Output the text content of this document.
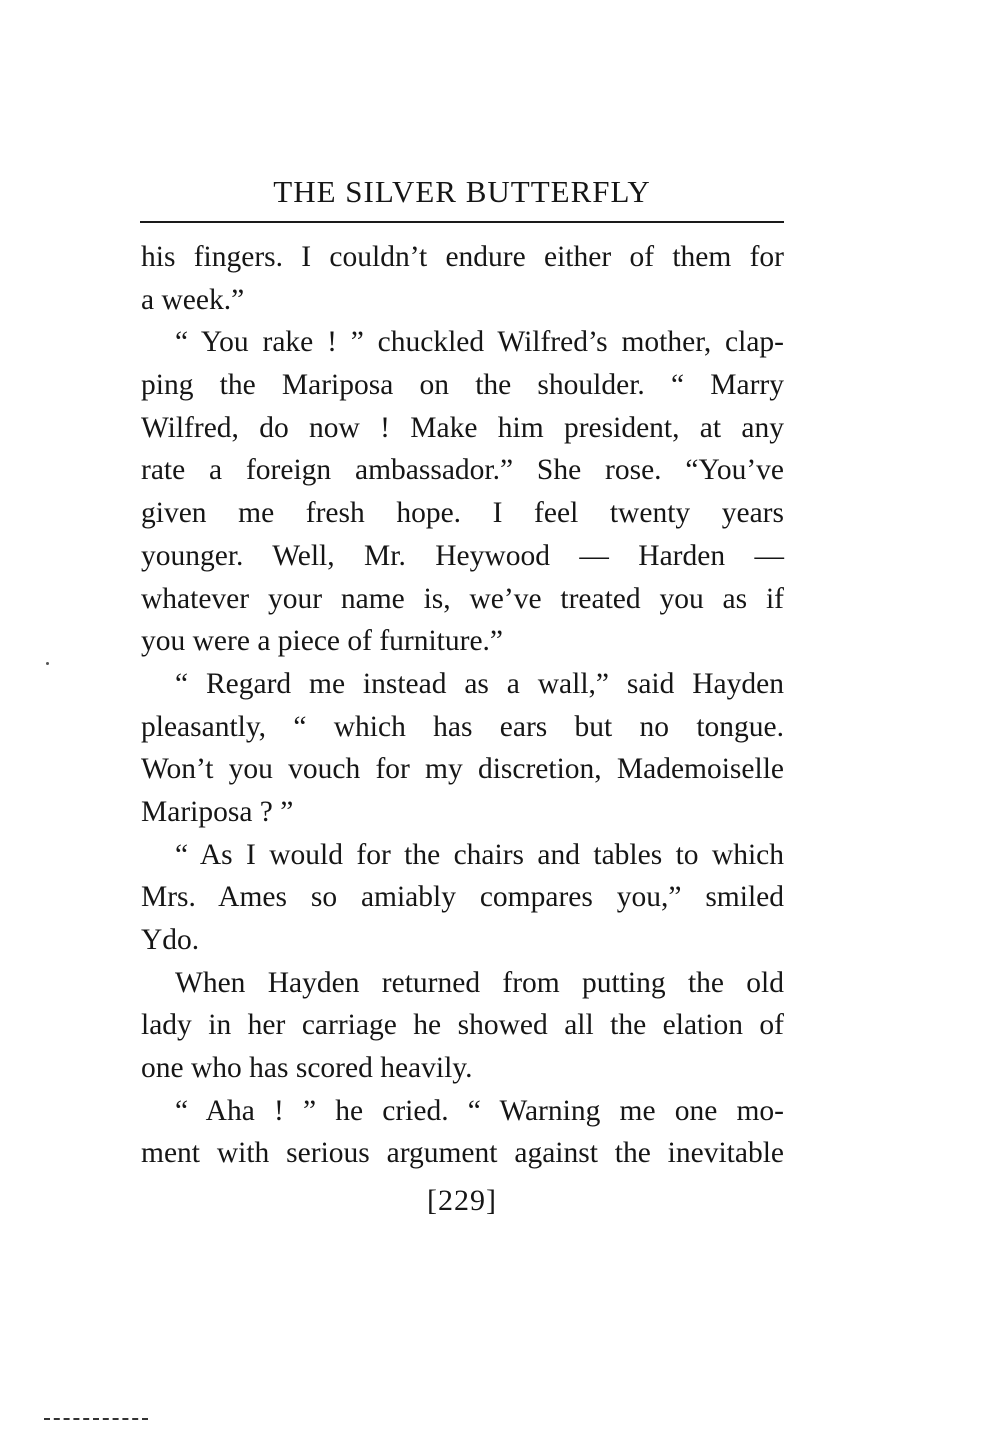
THE SILVER BUTTERFLY
his fingers. I couldn’t endure either of them for
a week.”
“ You rake ! ” chuckled Wilfred’s mother, clap-
ping the Mariposa on the shoulder. “ Marry
Wilfred, do now ! Make him president, at any
rate a foreign ambassador.” She rose. “You’ve
given me fresh hope. I feel twenty years
younger. Well, Mr. Heywood — Harden —
whatever your name is, we’ve treated you as if
you were a piece of furniture.”
“ Regard me instead as a wall,” said Hayden
pleasantly, “ which has ears but no tongue.
Won’t you vouch for my discretion, Mademoiselle
Mariposa ? ”
“ As I would for the chairs and tables to which
Mrs. Ames so amiably compares you,” smiled
Ydo.
When Hayden returned from putting the old
lady in her carriage he showed all the elation of
one who has scored heavily.
“ Aha ! ” he cried. “ Warning me one mo-
ment with serious argument against the inevitable
[229]
